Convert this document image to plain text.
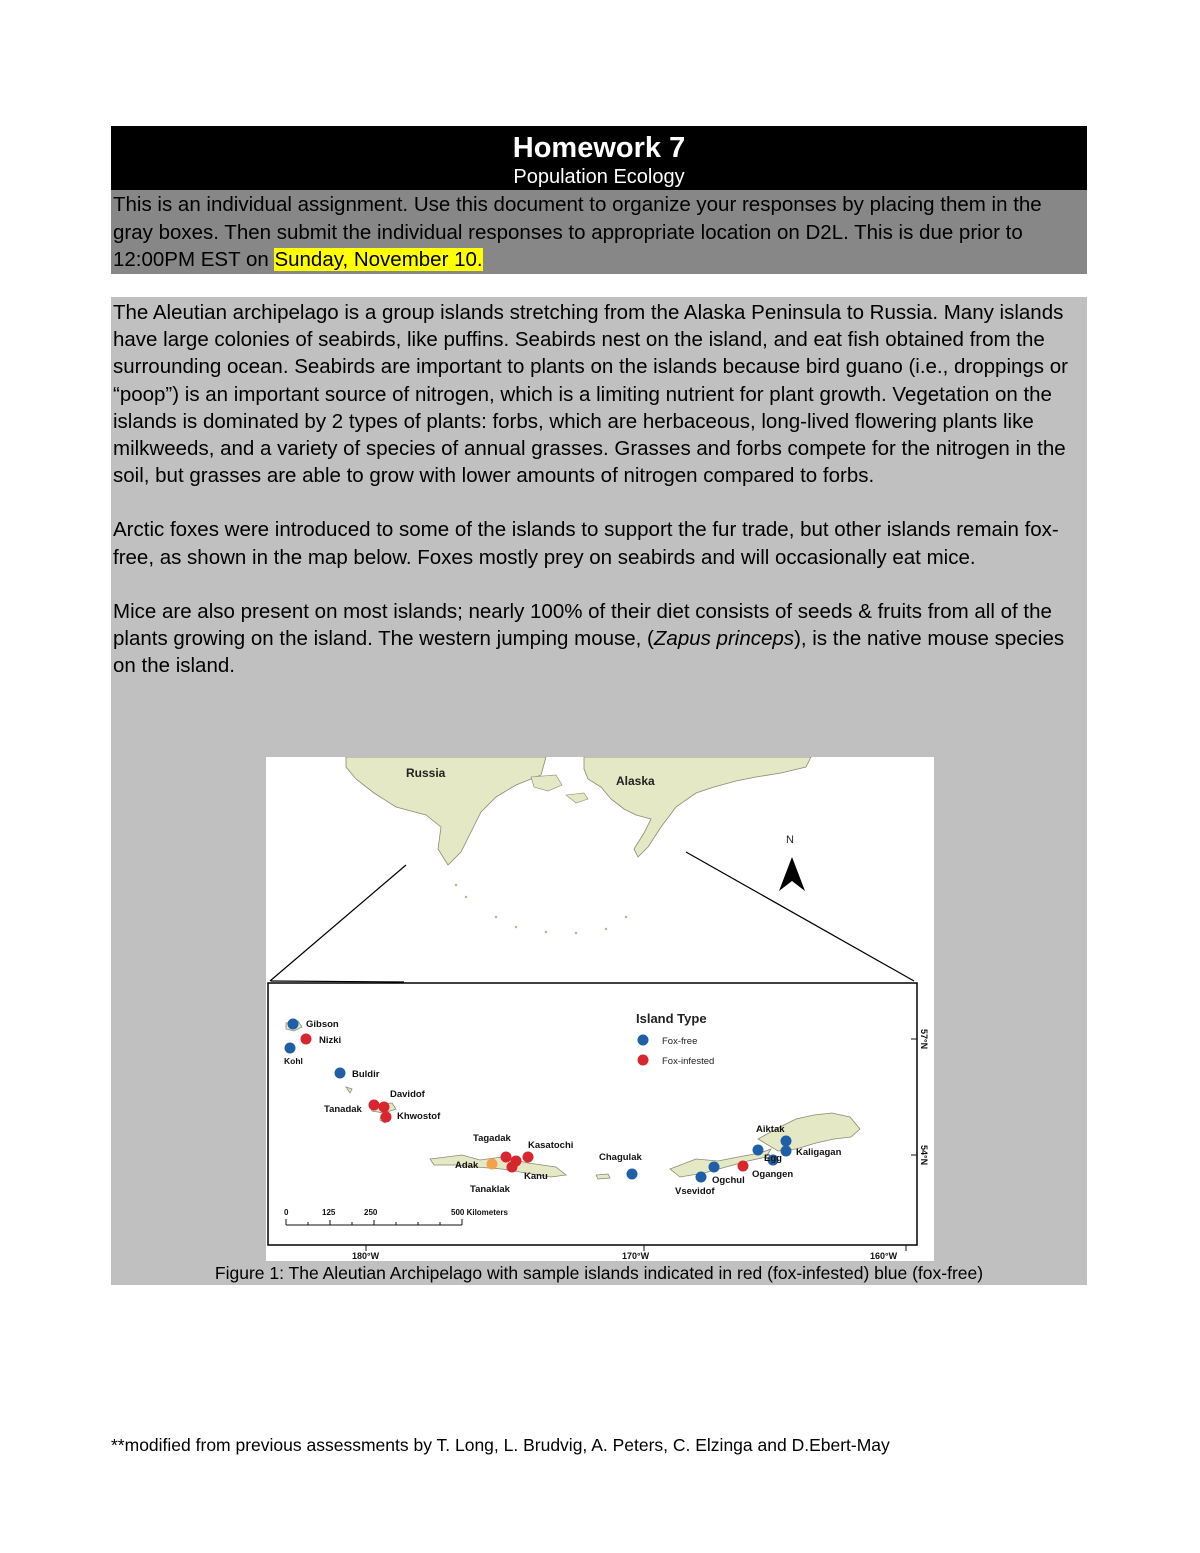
Homework 7
Population Ecology
This is an individual assignment. Use this document to organize your responses by placing them in the gray boxes. Then submit the individual responses to appropriate location on D2L. This is due prior to 12:00PM EST on Sunday, November 10.

The Aleutian archipelago is a group islands stretching from the Alaska Peninsula to Russia. Many islands have large colonies of seabirds, like puffins. Seabirds nest on the island, and eat fish obtained from the surrounding ocean. Seabirds are important to plants on the islands because bird guano (i.e., droppings or “poop”) is an important source of nitrogen, which is a limiting nutrient for plant growth. Vegetation on the islands is dominated by 2 types of plants: forbs, which are herbaceous, long-lived flowering plants like milkweeds, and a variety of species of annual grasses. Grasses and forbs compete for the nitrogen in the soil, but grasses are able to grow with lower amounts of nitrogen compared to forbs.

Arctic foxes were introduced to some of the islands to support the fur trade, but other islands remain fox-free, as shown in the map below. Foxes mostly prey on seabirds and will occasionally eat mice.

Mice are also present on most islands; nearly 100% of their diet consists of seeds & fruits from all of the plants growing on the island. The western jumping mouse, (Zapus princeps), is the native mouse species on the island.

Russia
Alaska
N
Gibson
Nizki
Kohl
Buldir
Davidof
Tanadak
Khwostof
Tagadak
Kasatochi
Adak
Kanu
Tanaklak
Chagulak
Aiktak
Egg
Kaligagan
Ogangen
Ogchul
Vsevidof
Island Type
Fox-free
Fox-infested
0	125	250	500 Kilometers
57°N
54°N
180°W	170°W	160°W
Figure 1: The Aleutian Archipelago with sample islands indicated in red (fox-infested) blue (fox-free)
**modified from previous assessments by T. Long, L. Brudvig, A. Peters, C. Elzinga and D.Ebert-May
